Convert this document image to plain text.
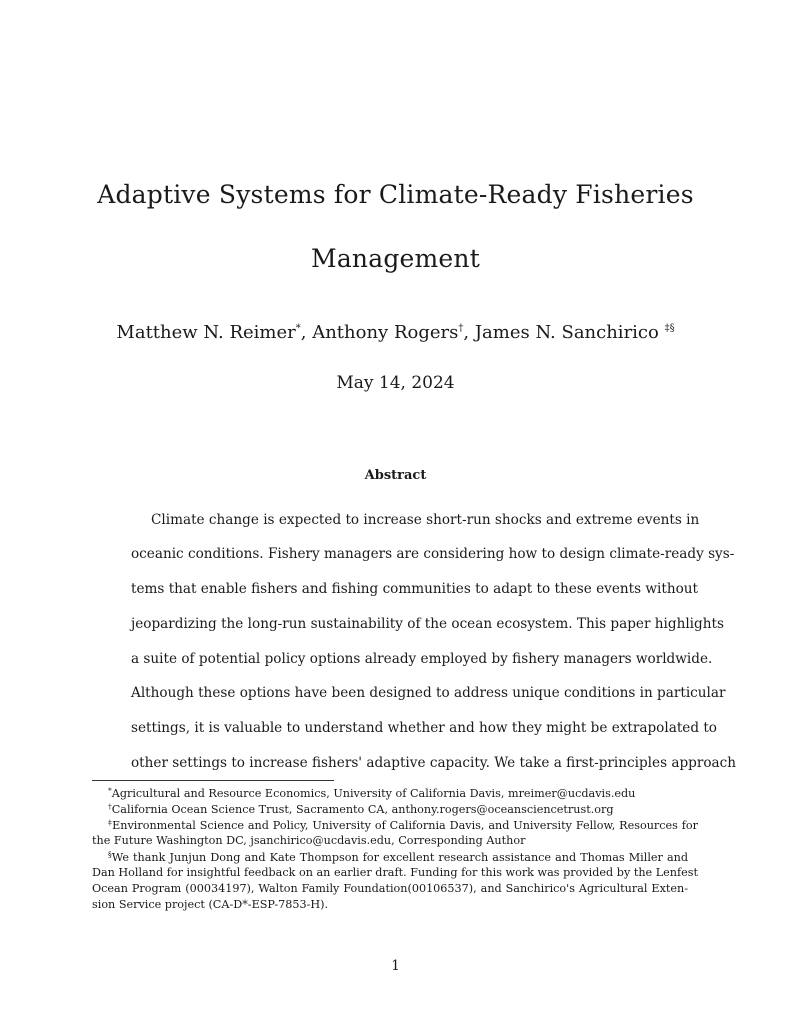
Adaptive Systems for Climate-Ready Fisheries
Management
Matthew N. Reimer*, Anthony Rogers†, James N. Sanchirico ‡§
May 14, 2024
Abstract
Climate change is expected to increase short-run shocks and extreme events in
oceanic conditions. Fishery managers are considering how to design climate-ready sys-
tems that enable fishers and fishing communities to adapt to these events without
jeopardizing the long-run sustainability of the ocean ecosystem. This paper highlights
a suite of potential policy options already employed by fishery managers worldwide.
Although these options have been designed to address unique conditions in particular
settings, it is valuable to understand whether and how they might be extrapolated to
other settings to increase fishers' adaptive capacity. We take a first-principles approach
*Agricultural and Resource Economics, University of California Davis, mreimer@ucdavis.edu
†California Ocean Science Trust, Sacramento CA, anthony.rogers@oceansciencetrust.org
‡Environmental Science and Policy, University of California Davis, and University Fellow, Resources for
the Future Washington DC, jsanchirico@ucdavis.edu, Corresponding Author
§We thank Junjun Dong and Kate Thompson for excellent research assistance and Thomas Miller and
Dan Holland for insightful feedback on an earlier draft. Funding for this work was provided by the Lenfest
Ocean Program (00034197), Walton Family Foundation(00106537), and Sanchirico's Agricultural Exten-
sion Service project (CA-D*-ESP-7853-H).
1
